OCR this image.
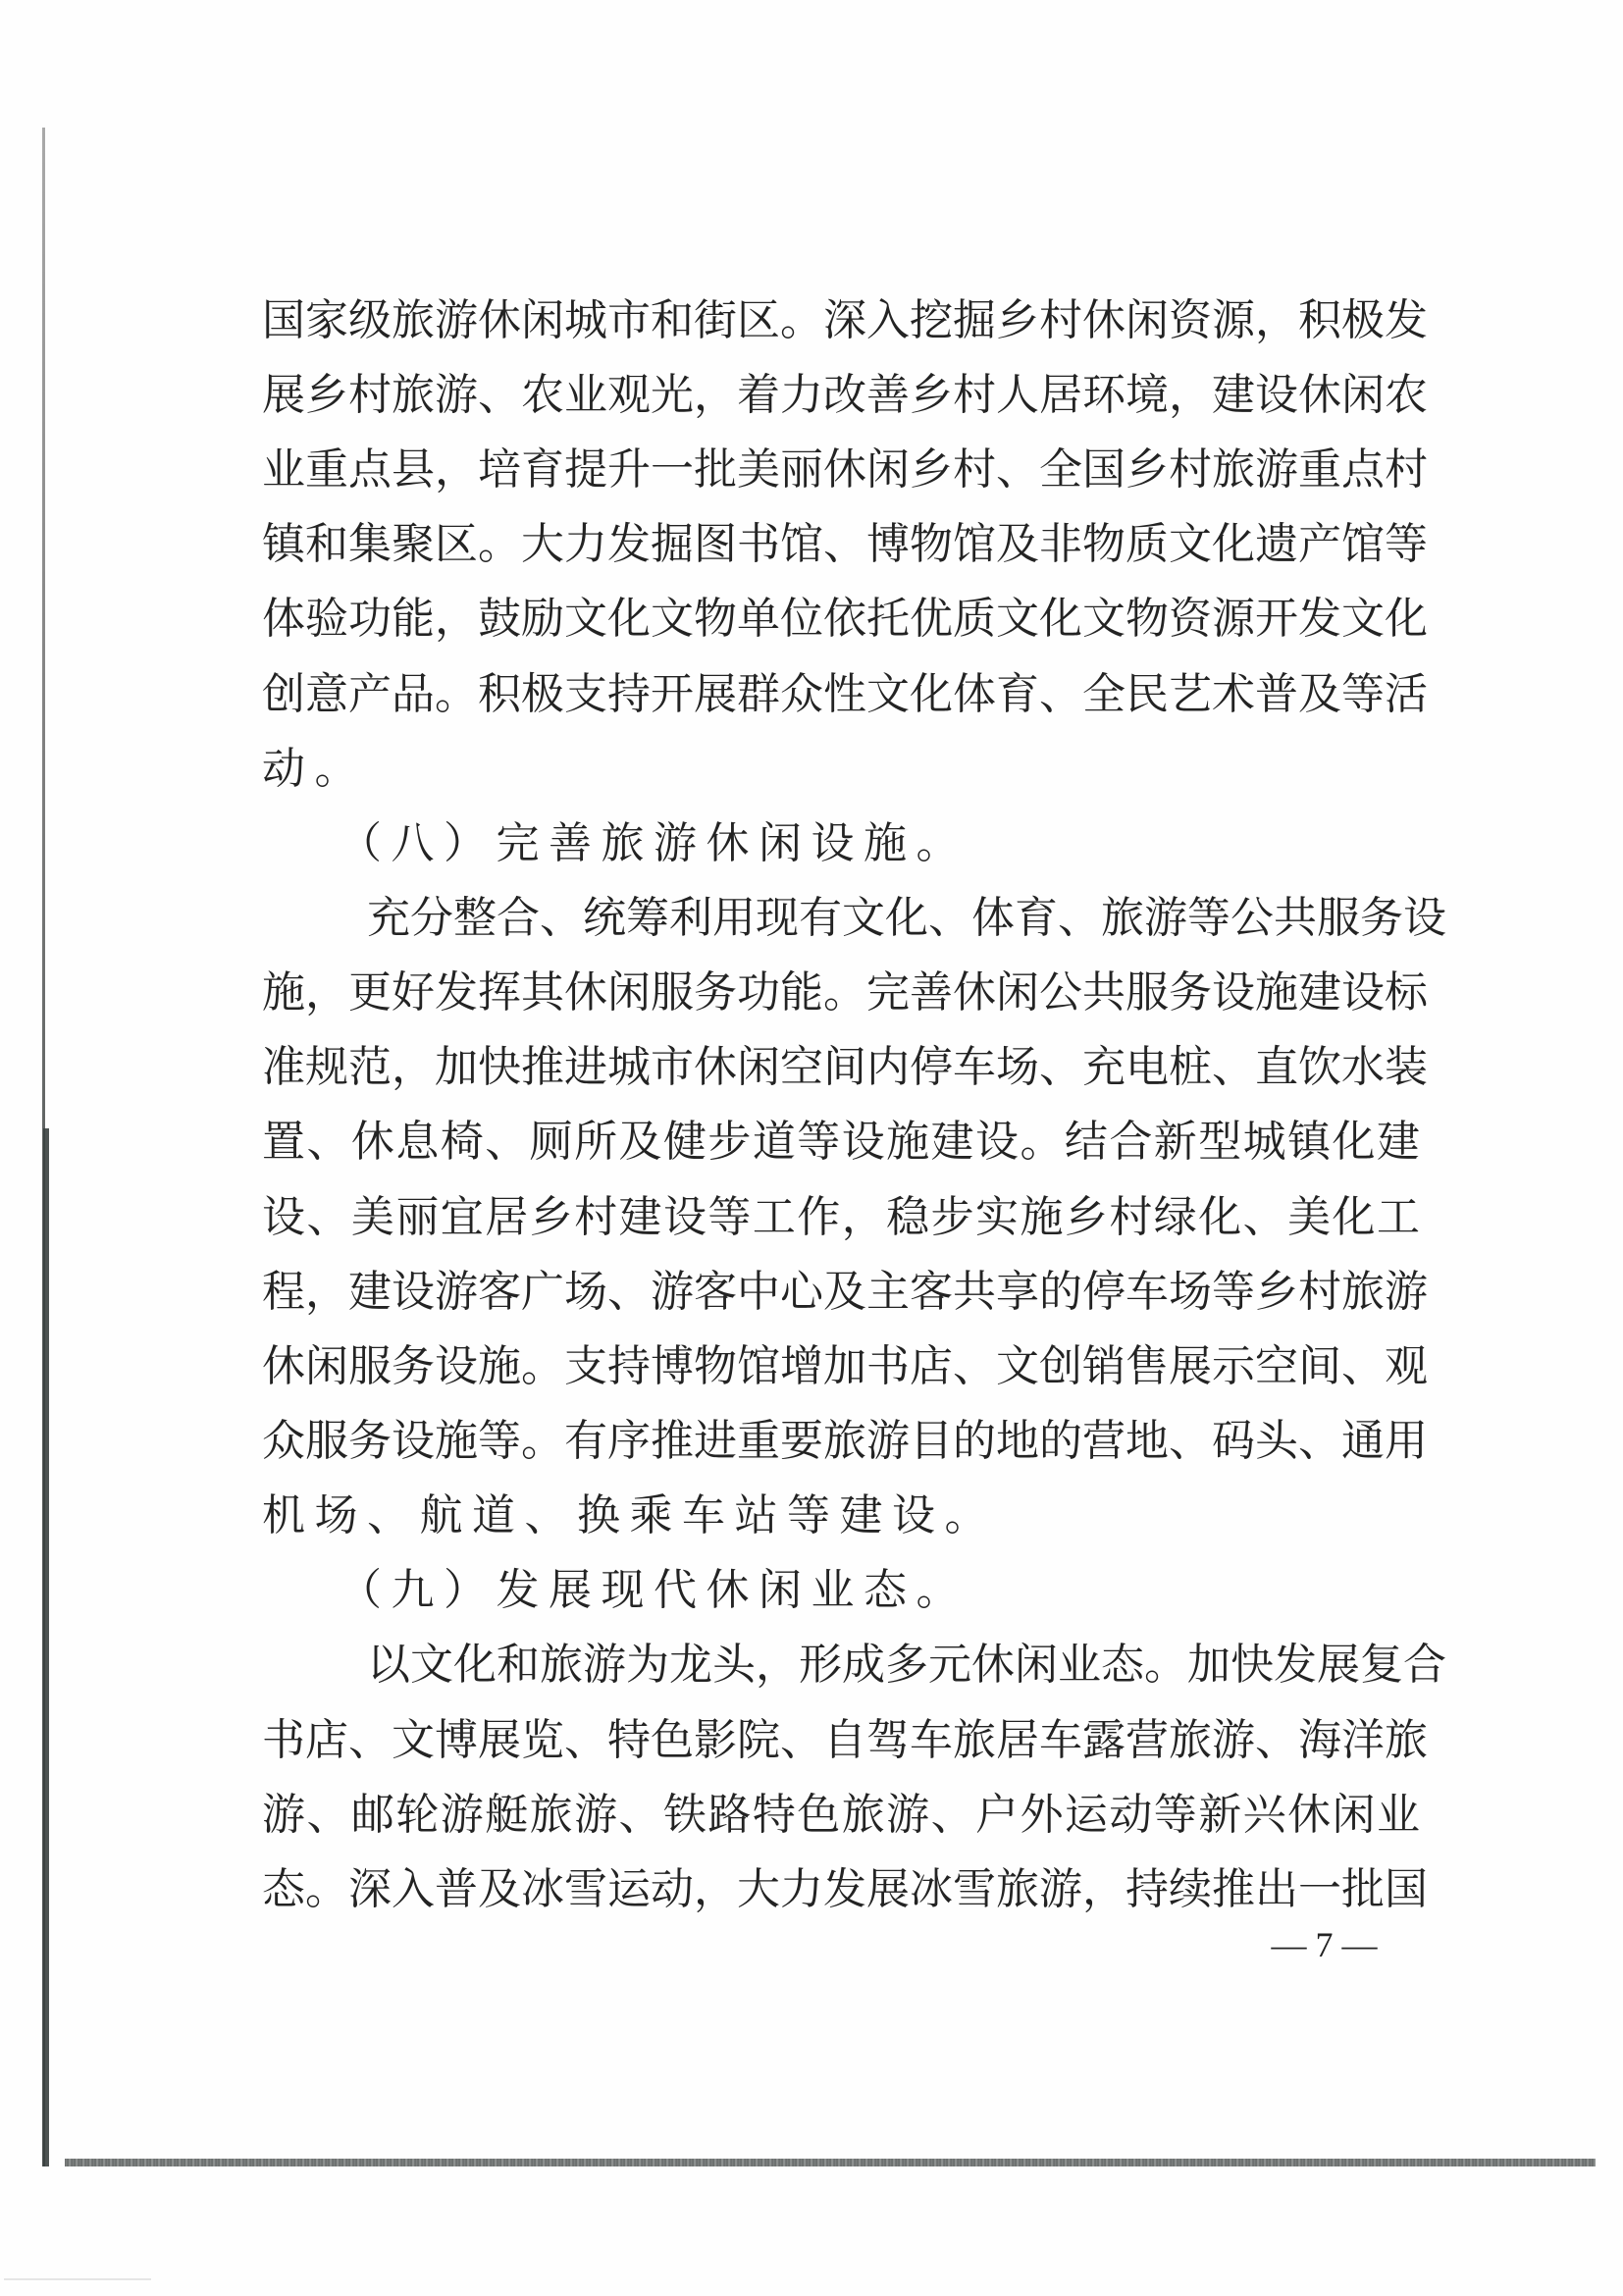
国家级旅游休闲城市和街区。深入挖掘乡村休闲资源，积极发
展乡村旅游、农业观光，着力改善乡村人居环境，建设休闲农
业重点县，培育提升一批美丽休闲乡村、全国乡村旅游重点村
镇和集聚区。大力发掘图书馆、博物馆及非物质文化遗产馆等
体验功能，鼓励文化文物单位依托优质文化文物资源开发文化
创意产品。积极支持开展群众性文化体育、全民艺术普及等活
动。
（八）完善旅游休闲设施。
充分整合、统筹利用现有文化、体育、旅游等公共服务设
施，更好发挥其休闲服务功能。完善休闲公共服务设施建设标
准规范，加快推进城市休闲空间内停车场、充电桩、直饮水装
置、休息椅、厕所及健步道等设施建设。结合新型城镇化建
设、美丽宜居乡村建设等工作，稳步实施乡村绿化、美化工
程，建设游客广场、游客中心及主客共享的停车场等乡村旅游
休闲服务设施。支持博物馆增加书店、文创销售展示空间、观
众服务设施等。有序推进重要旅游目的地的营地、码头、通用
机场、航道、换乘车站等建设。
（九）发展现代休闲业态。
以文化和旅游为龙头，形成多元休闲业态。加快发展复合
书店、文博展览、特色影院、自驾车旅居车露营旅游、海洋旅
游、邮轮游艇旅游、铁路特色旅游、户外运动等新兴休闲业
态。深入普及冰雪运动，大力发展冰雪旅游，持续推出一批国
— 7 —
